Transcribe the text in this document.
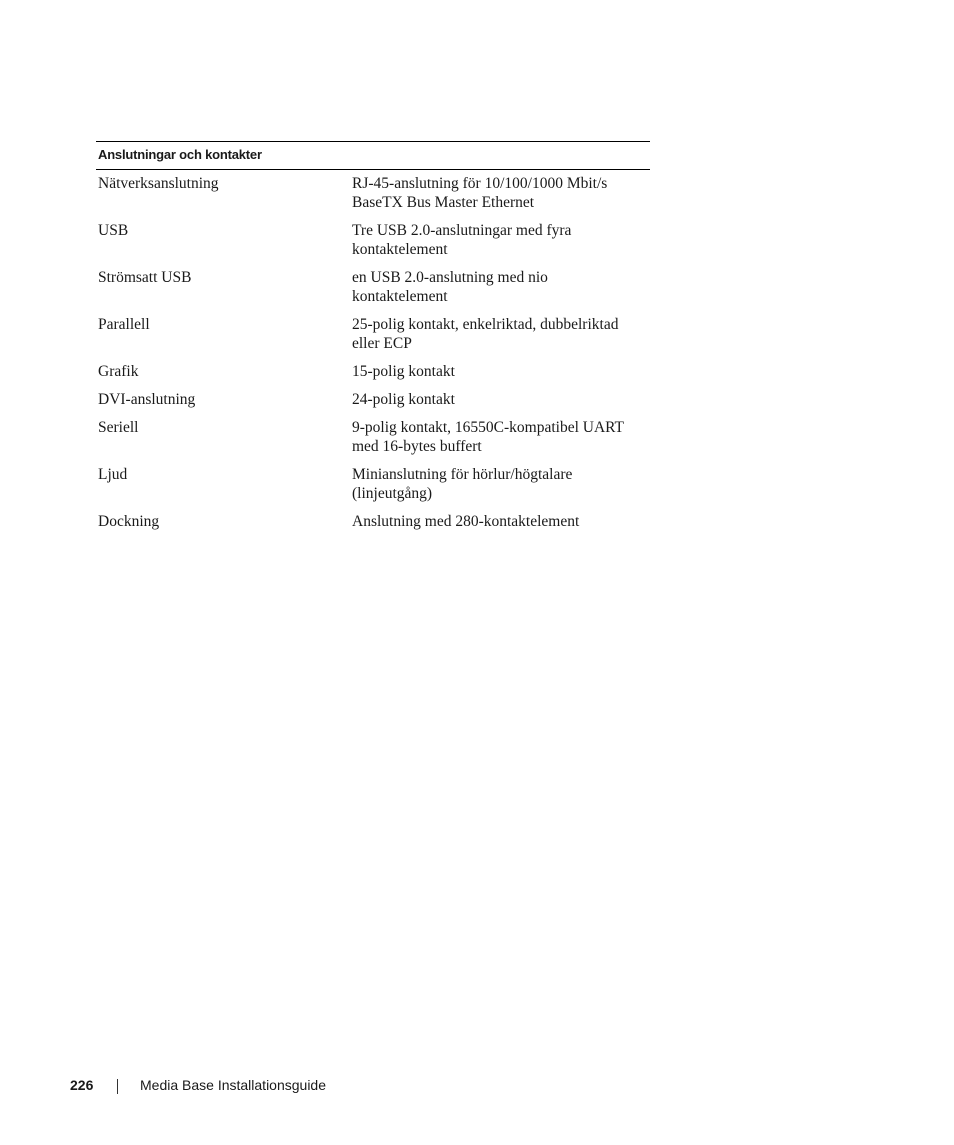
Anslutningar och kontakter	
Nätverksanslutning	RJ-45-anslutning för 10/100/1000 Mbit/s
BaseTX Bus Master Ethernet
USB	Tre USB 2.0-anslutningar med fyra
kontaktelement
Strömsatt USB	en USB 2.0-anslutning med nio
kontaktelement
Parallell	25-polig kontakt, enkelriktad, dubbelriktad
eller ECP
Grafik	15-polig kontakt
DVI-anslutning	24-polig kontakt
Seriell	9-polig kontakt, 16550C-kompatibel UART
med 16-bytes buffert
Ljud	Minianslutning för hörlur/högtalare
(linjeutgång)
Dockning	Anslutning med 280-kontaktelement
226	Media Base Installationsguide
